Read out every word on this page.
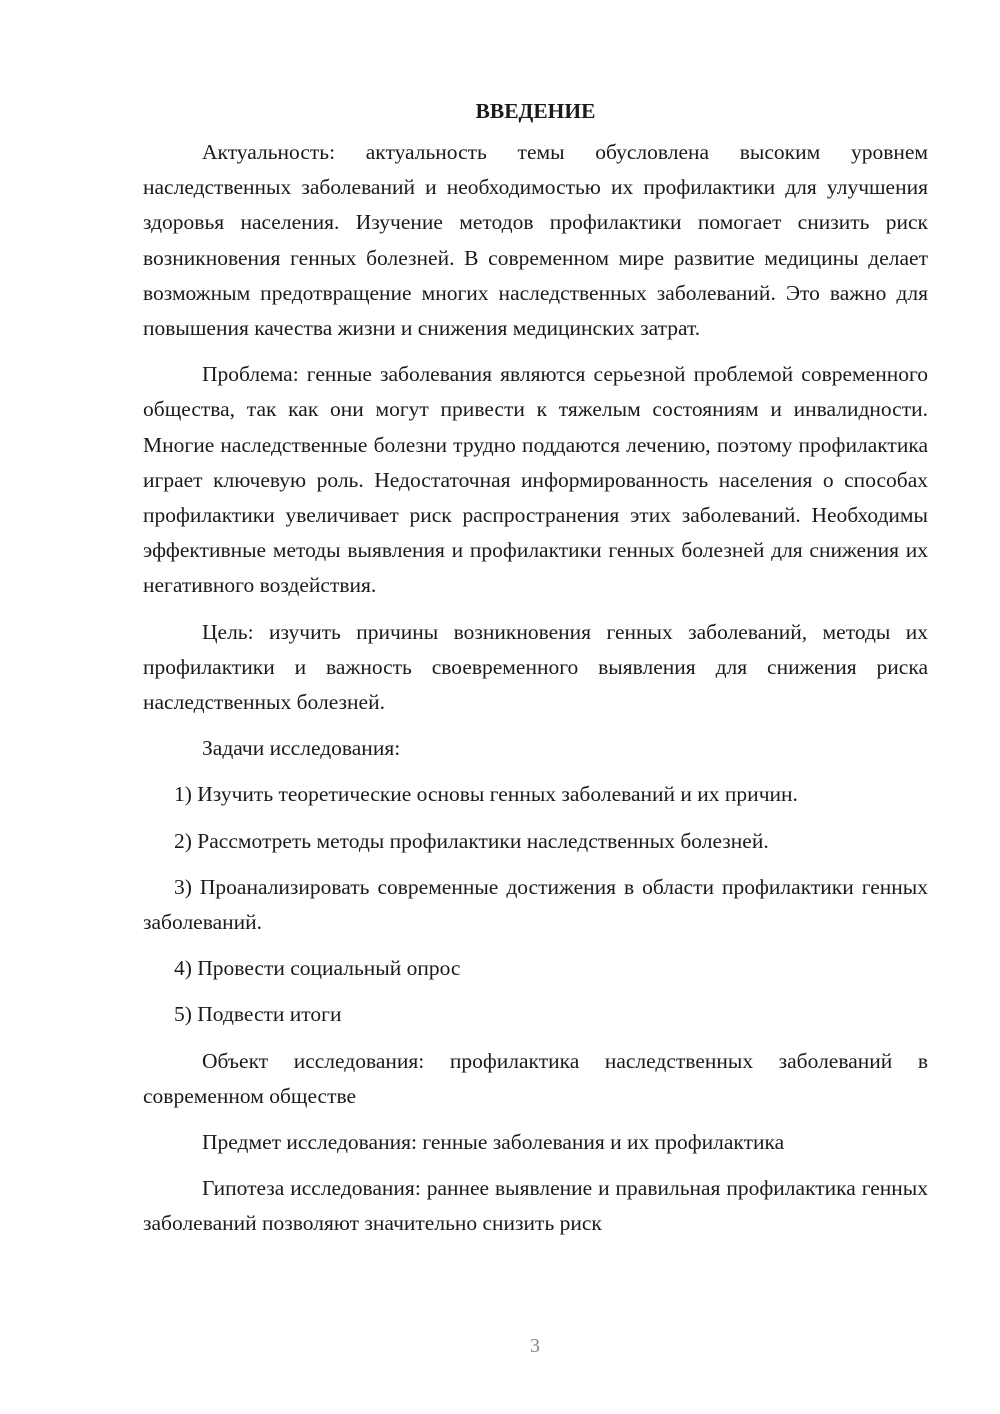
ВВЕДЕНИЕ

Актуальность: актуальность темы обусловлена высоким уровнем наследственных заболеваний и необходимостью их профилактики для улучшения здоровья населения. Изучение методов профилактики помогает снизить риск возникновения генных болезней. В современном мире развитие медицины делает возможным предотвращение многих наследственных заболеваний. Это важно для повышения качества жизни и снижения медицинских затрат.

Проблема: генные заболевания являются серьезной проблемой современного общества, так как они могут привести к тяжелым состояниям и инвалидности. Многие наследственные болезни трудно поддаются лечению, поэтому профилактика играет ключевую роль. Недостаточная информированность населения о способах профилактики увеличивает риск распространения этих заболеваний. Необходимы эффективные методы выявления и профилактики генных болезней для снижения их негативного воздействия.

Цель: изучить причины возникновения генных заболеваний, методы их профилактики и важность своевременного выявления для снижения риска наследственных болезней.

Задачи исследования:

1) Изучить теоретические основы генных заболеваний и их причин.

2) Рассмотреть методы профилактики наследственных болезней.

3) Проанализировать современные достижения в области профилактики генных заболеваний.

4) Провести социальный опрос

5) Подвести итоги

Объект исследования: профилактика наследственных заболеваний в современном обществе

Предмет исследования: генные заболевания и их профилактика

Гипотеза исследования: раннее выявление и правильная профилактика генных заболеваний позволяют значительно снизить риск

3
